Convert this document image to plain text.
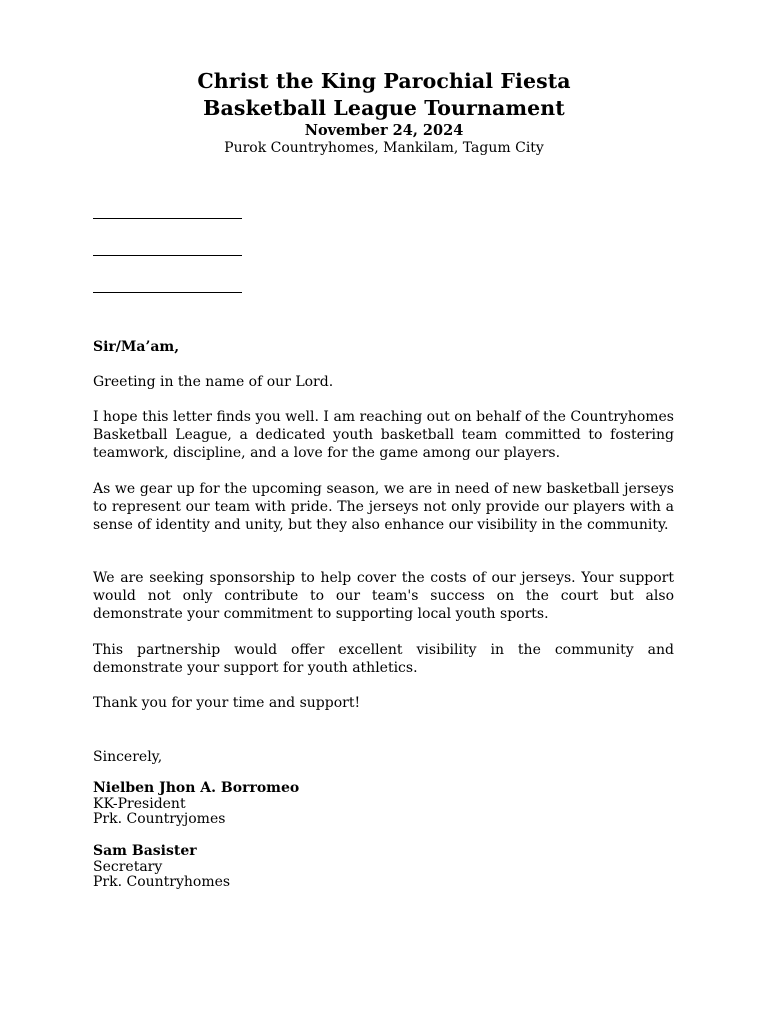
Christ the King Parochial Fiesta
Basketball League Tournament
November 24, 2024
Purok Countryhomes, Mankilam, Tagum City
Sir/Ma’am,
Greeting in the name of our Lord.
I hope this letter finds you well. I am reaching out on behalf of the Countryhomes Basketball League, a dedicated youth basketball team committed to fostering teamwork, discipline, and a love for the game among our players.
As we gear up for the upcoming season, we are in need of new basketball jerseys to represent our team with pride. The jerseys not only provide our players with a sense of identity and unity, but they also enhance our visibility in the community.
We are seeking sponsorship to help cover the costs of our jerseys. Your support would not only contribute to our team's success on the court but also demonstrate your commitment to supporting local youth sports.
This partnership would offer excellent visibility in the community and demonstrate your support for youth athletics.
Thank you for your time and support!
Sincerely,
Nielben Jhon A. Borromeo
KK-President
Prk. Countryjomes
Sam Basister
Secretary
Prk. Countryhomes
